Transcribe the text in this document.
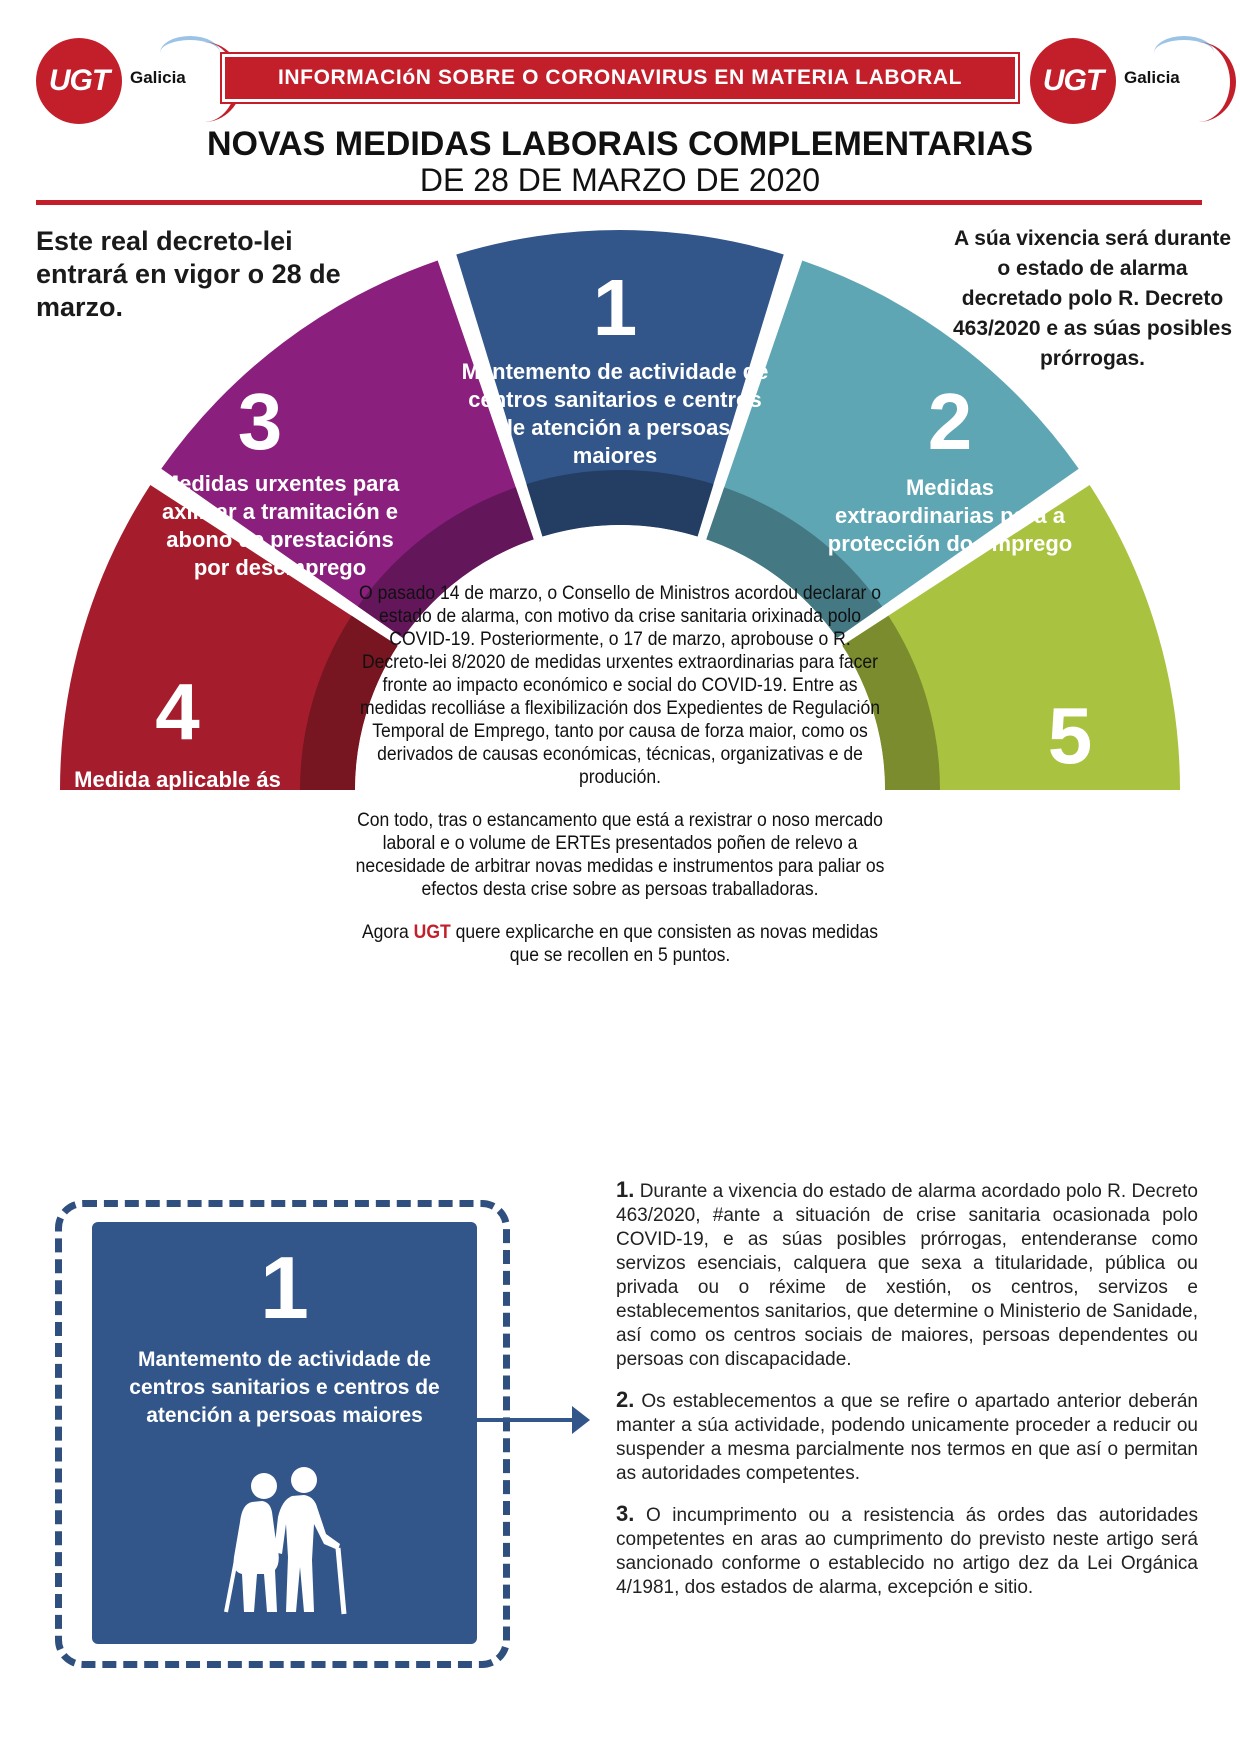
UGT	Galicia	INFORMACIóN SOBRE O CORONAVIRUS EN MATERIA LABORAL	UGT	Galicia
NOVAS MEDIDAS LABORAIS COMPLEMENTARIAS
DE 28 DE MARZO DE 2020
Este real decreto-lei entrará en vigor o 28 de marzo.
A súa vixencia será durante o estado de alarma decretado polo R. Decreto 463/2020 e as súas posibles prórrogas.
4
Medida aplicable ás sociedades cooperativas para a adopción de acordos nos procedimentos de suspensión total e/ou parcial
3
Medidas urxentes para axilizar a tramitación e abono de prestacións por desemprego
1
Mantemento de actividade de centros sanitarios e centros de atención a persoas maiores	2
Medidas extraordinarias para a protección do emprego
5
Interrupción do Cómputo da duración máxima dos contratos temporais

O pasado 14 de marzo, o Consello de Ministros acordou declarar o estado de alarma, con motivo da crise sanitaria orixinada polo COVID-19. Posteriormente, o 17 de marzo, aprobouse o R. Decreto-lei 8/2020 de medidas urxentes extraordinarias para facer fronte ao impacto económico e social do COVID-19. Entre as medidas recolliáse a flexibilización dos Expedientes de Regulación Temporal de Emprego, tanto por causa de forza maior, como os derivados de causas económicas, técnicas, organizativas e de produción.

Con todo, tras o estancamento que está a rexistrar o noso mercado laboral e o volume de ERTEs presentados poñen de relevo a necesidade de arbitrar novas medidas e instrumentos para paliar os efectos desta crise sobre as persoas traballadoras.

Agora UGT quere explicarche en que consisten as novas medidas que se recollen en 5 puntos.

1
Mantemento de actividade de centros sanitarios e centros de atención a persoas maiores

1. Durante a vixencia do estado de alarma acordado polo R. Decreto 463/2020, #ante a situación de crise sanitaria ocasionada polo COVID-19, e as súas posibles prórrogas, entenderanse como servizos esenciais, calquera que sexa a titularidade, pública ou privada ou o réxime de xestión, os centros, servizos e establecementos sanitarios, que determine o Ministerio de Sanidade, así como os centros sociais de maiores, persoas dependentes ou persoas con discapacidade.

2. Os establecementos a que se refire o apartado anterior deberán manter a súa actividade, podendo unicamente proceder a reducir ou suspender a mesma parcialmente nos termos en que así o permitan as autoridades competentes.

3. O incumprimento ou a resistencia ás ordes das autoridades competentes en aras ao cumprimento do previsto neste artigo será sancionado conforme o establecido no artigo dez da Lei Orgánica 4/1981, dos estados de alarma, excepción e sitio.
